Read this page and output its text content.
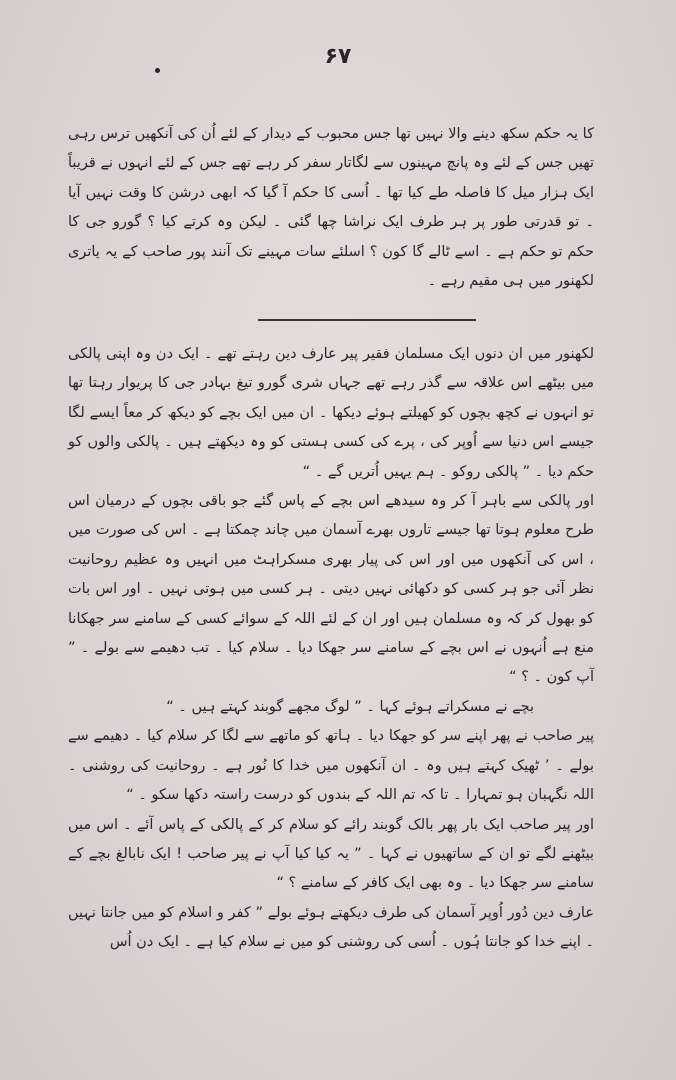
۶۷

کا یہ حکم سکھ دینے والا نہیں تھا جس محبوب کے دیدار کے لئے اُن کی آنکھیں ترس رہی تھیں جس کے لئے وہ پانچ مہینوں سے لگاتار سفر کر رہے تھے جس کے لئے انہوں نے قریباً ایک ہزار میل کا فاصلہ طے کیا تھا ۔ اُسی کا حکم آ گیا کہ ابھی درشن کا وقت نہیں آیا ۔ تو قدرتی طور پر ہر طرف ایک نراشا چھا گئی ۔ لیکن وہ کرتے کیا ؟ گورو جی کا حکم تو حکم ہے ۔ اسے ٹالے گا کون ؟ اسلئے سات مہینے تک آنند پور صاحب کے یہ یاتری لکھنور میں ہی مقیم رہے ۔

لکھنور میں ان دنوں ایک مسلمان فقیر پیر عارف دین رہتے تھے ۔ ایک دن وہ اپنی پالکی میں بیٹھے اس علاقہ سے گذر رہے تھے جہاں شری گورو تیغ بہادر جی کا پریوار رہتا تھا تو انہوں نے کچھ بچوں کو کھیلتے ہوئے دیکھا ۔ ان میں ایک بچے کو دیکھ کر معاً ایسے لگا جیسے اس دنیا سے اُوپر کی ، پرے کی کسی ہستی کو وہ دیکھتے ہیں ۔ پالکی والوں کو حکم دیا ۔ ” پالکی روکو ۔ ہم یہیں اُتریں گے ۔ “

اور پالکی سے باہر آ کر وہ سیدھے اس بچے کے پاس گئے جو باقی بچوں کے درمیان اس طرح معلوم ہوتا تھا جیسے تاروں بھرے آسمان میں چاند چمکتا ہے ۔ اس کی صورت میں ، اس کی آنکھوں میں اور اس کی پیار بھری مسکراہٹ میں انہیں وہ عظیم روحانیت نظر آئی جو ہر کسی کو دکھائی نہیں دیتی ۔ ہر کسی میں ہوتی نہیں ۔ اور اس بات کو بھول کر کہ وہ مسلمان ہیں اور ان کے لئے اللہ کے سوائے کسی کے سامنے سر جھکانا منع ہے اُنہوں نے اس بچے کے سامنے سر جھکا دیا ۔ سلام کیا ۔ تب دھیمے سے بولے ۔ ” آپ کون ۔ ؟ “

بچے نے مسکراتے ہوئے کہا ۔ ” لوگ مجھے گوبند کہتے ہیں ۔ “

پیر صاحب نے پھر اپنے سر کو جھکا دیا ۔ ہاتھ کو ماتھے سے لگا کر سلام کیا ۔ دھیمے سے بولے ۔ ’ ٹھیک کہتے ہیں وہ ۔ ان آنکھوں میں خدا کا نُور ہے ۔ روحانیت کی روشنی ۔ اللہ نگہبان ہو تمہارا ۔ تا کہ تم اللہ کے بندوں کو درست راستہ دکھا سکو ۔ “

اور پیر صاحب ایک بار پھر بالک گوبند رائے کو سلام کر کے پالکی کے پاس آئے ۔ اس میں بیٹھنے لگے تو ان کے ساتھیوں نے کہا ۔ ” یہ کیا کیا آپ نے پیر صاحب ! ایک نابالغ بچے کے سامنے سر جھکا دیا ۔ وہ بھی ایک کافر کے سامنے ؟ “

عارف دین دُور اُوپر آسمان کی طرف دیکھتے ہوئے بولے ” کفر و اسلام کو میں جانتا نہیں ۔ اپنے خدا کو جانتا ہُوں ۔ اُسی کی روشنی کو میں نے سلام کیا ہے ۔ ایک دن اُس
